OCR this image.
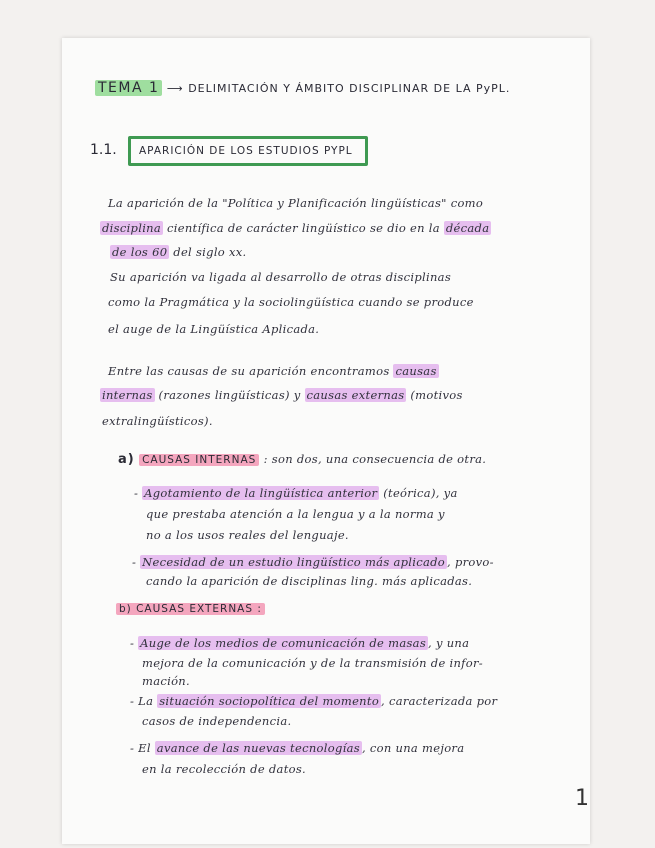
TEMA 1 ⟶ DELIMITACIÓN Y ÁMBITO DISCIPLINAR DE LA PyPL.
1.1. APARICIÓN DE LOS ESTUDIOS PYPL
La aparición de la "Política y Planificación lingüísticas" como
disciplina científica de carácter lingüístico se dio en la década
de los 60 del siglo xx.
Su aparición va ligada al desarrollo de otras disciplinas
como la Pragmática y la sociolingüística cuando se produce
el auge de la Lingüística Aplicada.
Entre las causas de su aparición encontramos causas
internas (razones lingüísticas) y causas externas (motivos
extralingüísticos).
a) CAUSAS INTERNAS : son dos, una consecuencia de otra.
- Agotamiento de la lingüística anterior (teórica), ya
que prestaba atención a la lengua y a la norma y
no a los usos reales del lenguaje.
- Necesidad de un estudio lingüístico más aplicado , provo-
cando la aparición de disciplinas ling. más aplicadas.
b) CAUSAS EXTERNAS :
- Auge de los medios de comunicación de masas , y una
mejora de la comunicación y de la transmisión de infor-
mación.
- La situación sociopolítica del momento , caracterizada por
casos de independencia.
- El avance de las nuevas tecnologías , con una mejora
en la recolección de datos.
1
